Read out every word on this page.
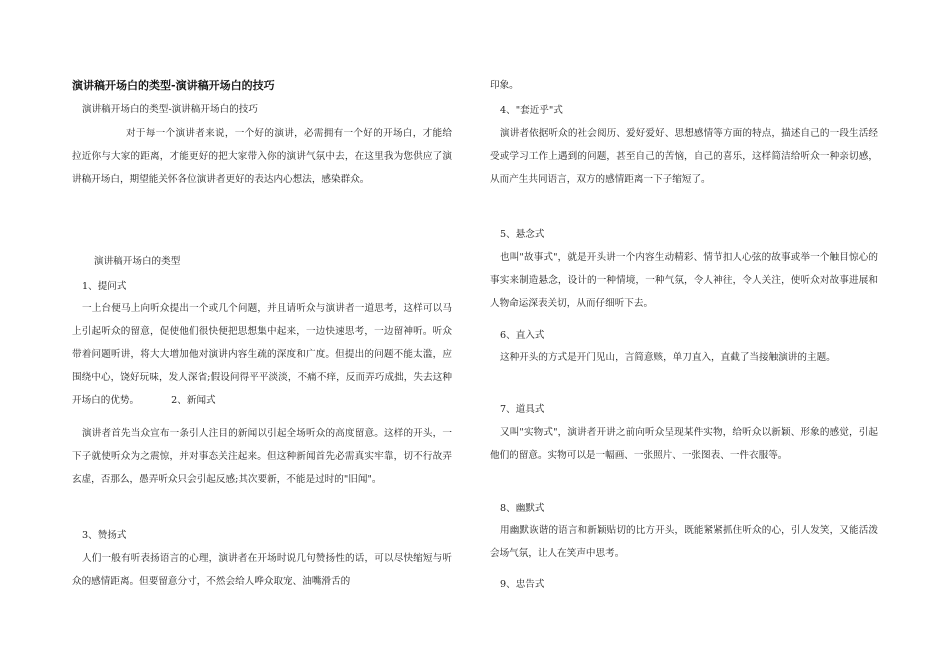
演讲稿开场白的类型-演讲稿开场白的技巧
演讲稿开场白的类型-演讲稿开场白的技巧

对于每一个演讲者来说，一个好的演讲，必需拥有一个好的开场白，才能给拉近你与大家的距离，才能更好的把大家带入你的演讲气氛中去，在这里我为您供应了演讲稿开场白，期望能关怀各位演讲者更好的表达内心想法，感染群众。

演讲稿开场白的类型
1、提问式

一上台便马上向听众提出一个或几个问题，并且请听众与演讲者一道思考，这样可以马上引起听众的留意，促使他们很快便把思想集中起来，一边快速思考，一边留神听。听众带着问题听讲，将大大增加他对演讲内容生疏的深度和广度。但提出的问题不能太滥，应围绕中心，饶好玩味，发人深省;假设问得平平淡淡，不痛不痒，反而弄巧成拙，失去这种开场白的优势。	2、新闻式

演讲者首先当众宣布一条引人注目的新闻以引起全场听众的高度留意。这样的开头，一下子就使听众为之震惊，并对事态关注起来。但这种新闻首先必需真实牢靠，切不行故弄玄虚，否那么，愚弄听众只会引起反感;其次要新，不能是过时的"旧闻"。

3、赞扬式

人们一般有听表扬语言的心理，演讲者在开场时说几句赞扬性的话，可以尽快缩短与听众的感情距离。但要留意分寸，不然会给人哗众取宠、油嘴滑舌的

印象。
4、"套近乎"式

演讲者依据听众的社会阅历、爱好爱好、思想感情等方面的特点，描述自己的一段生活经受或学习工作上遇到的问题，甚至自己的苦恼，自己的喜乐，这样简洁给听众一种亲切感，从而产生共同语言，双方的感情距离一下子缩短了。

5、悬念式

也叫"故事式"，就是开头讲一个内容生动精彩、情节扣人心弦的故事或举一个触目惊心的事实来制造悬念，设计的一种情境，一种气氛，令人神往，令人关注，使听众对故事进展和人物命运深表关切，从而仔细听下去。

6、直入式

这种开头的方式是开门见山，言简意赅，单刀直入，直截了当接触演讲的主题。

7、道具式

又叫"实物式"，演讲者开讲之前向听众呈现某件实物，给听众以新颖、形象的感觉，引起他们的留意。实物可以是一幅画、一张照片、一张图表、一件衣服等。

8、幽默式

用幽默诙谐的语言和新颖贴切的比方开头，既能紧紧抓住听众的心，引人发笑，又能活泼会场气氛，让人在笑声中思考。

9、忠告式
